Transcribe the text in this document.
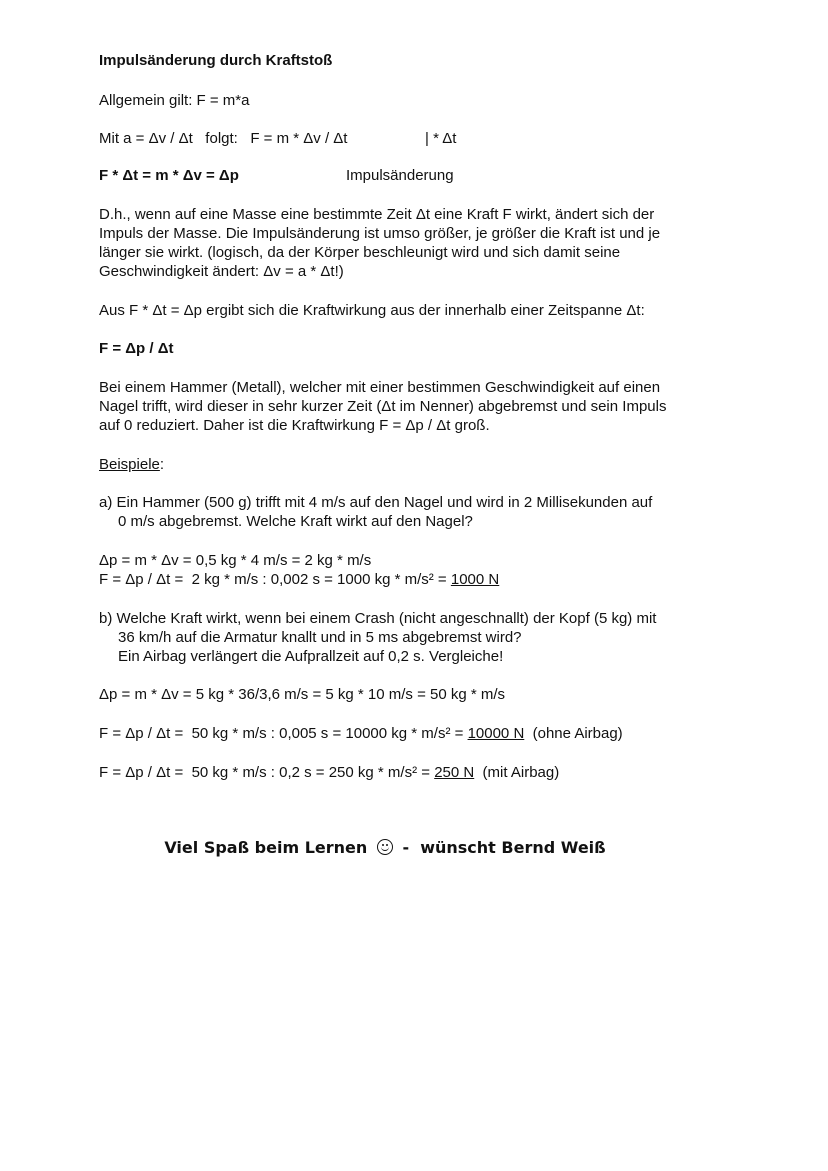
Impulsänderung durch Kraftstoß
Allgemein gilt: F = m*a
Mit a = Δv / Δt   folgt:   F = m * Δv / Δt	| * Δt
F * Δt = m * Δv = Δp	Impulsänderung
D.h., wenn auf eine Masse eine bestimmte Zeit Δt eine Kraft F wirkt, ändert sich der
Impuls der Masse. Die Impulsänderung ist umso größer, je größer die Kraft ist und je
länger sie wirkt. (logisch, da der Körper beschleunigt wird und sich damit seine
Geschwindigkeit ändert: Δv = a * Δt!)
Aus F * Δt = Δp ergibt sich die Kraftwirkung aus der innerhalb einer Zeitspanne Δt:
F = Δp / Δt
Bei einem Hammer (Metall), welcher mit einer bestimmen Geschwindigkeit auf einen
Nagel trifft, wird dieser in sehr kurzer Zeit (Δt im Nenner) abgebremst und sein Impuls
auf 0 reduziert. Daher ist die Kraftwirkung F = Δp / Δt groß.
Beispiele:
a) Ein Hammer (500 g) trifft mit 4 m/s auf den Nagel und wird in 2 Millisekunden auf
0 m/s abgebremst. Welche Kraft wirkt auf den Nagel?
Δp = m * Δv = 0,5 kg * 4 m/s = 2 kg * m/s
F = Δp / Δt =  2 kg * m/s : 0,002 s = 1000 kg * m/s² = 1000 N
b) Welche Kraft wirkt, wenn bei einem Crash (nicht angeschnallt) der Kopf (5 kg) mit
36 km/h auf die Armatur knallt und in 5 ms abgebremst wird?
Ein Airbag verlängert die Aufprallzeit auf 0,2 s. Vergleiche!
Δp = m * Δv = 5 kg * 36/3,6 m/s = 5 kg * 10 m/s = 50 kg * m/s
F = Δp / Δt =  50 kg * m/s : 0,005 s = 10000 kg * m/s² = 10000 N  (ohne Airbag)
F = Δp / Δt =  50 kg * m/s : 0,2 s = 250 kg * m/s² = 250 N  (mit Airbag)
Viel Spaß beim Lernen -  wünscht Bernd Weiß
